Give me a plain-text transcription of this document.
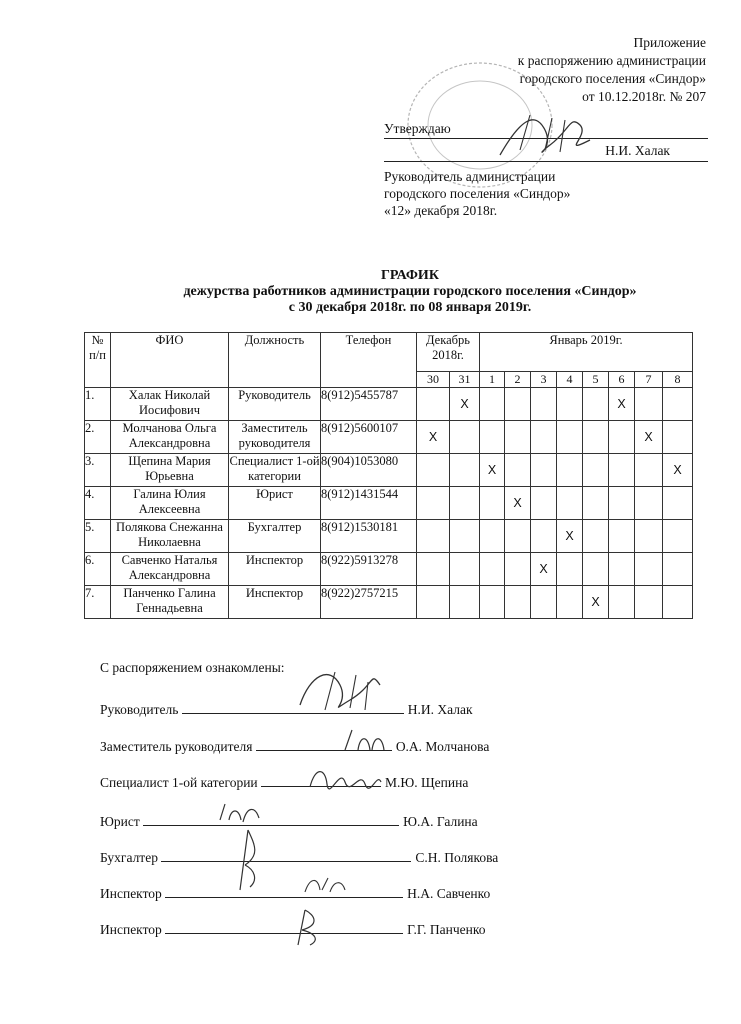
Приложение
к распоряжению администрации
городского поселения «Синдор»
от 10.12.2018г. № 207
Утверждаю
Н.И. Халак
Руководитель администрации
городского поселения «Синдор»
«12» декабря 2018г.
ГРАФИК
дежурства работников администрации городского поселения «Синдор»
с 30 декабря 2018г. по 08 января 2019г.
№ п/п	ФИО	Должность	Телефон	Декабрь 2018г.		Январь 2019г.							
				30	31	1	2	3	4	5	6	7	8
1.	Халак Николай Иосифович	Руководитель	8(912)5455787		X						X		
2.	Молчанова Ольга Александровна	Заместитель руководителя	8(912)5600107	X								X	
3.	Щепина Мария Юрьевна	Специалист 1-ой категории	8(904)1053080			X							X
4.	Галина Юлия Алексеевна	Юрист	8(912)1431544				X						
5.	Полякова Снежанна Николаевна	Бухгалтер	8(912)1530181						X				
6.	Савченко Наталья Александровна	Инспектор	8(922)5913278					X					
7.	Панченко Галина Геннадьевна	Инспектор	8(922)2757215							X			
С распоряжением ознакомлены:
Руководитель	Н.И. Халак
Заместитель руководителя	О.А. Молчанова
Специалист 1-ой категории	М.Ю. Щепина
Юрист	Ю.А. Галина
Бухгалтер	С.Н. Полякова
Инспектор	Н.А. Савченко
Инспектор	Г.Г. Панченко
